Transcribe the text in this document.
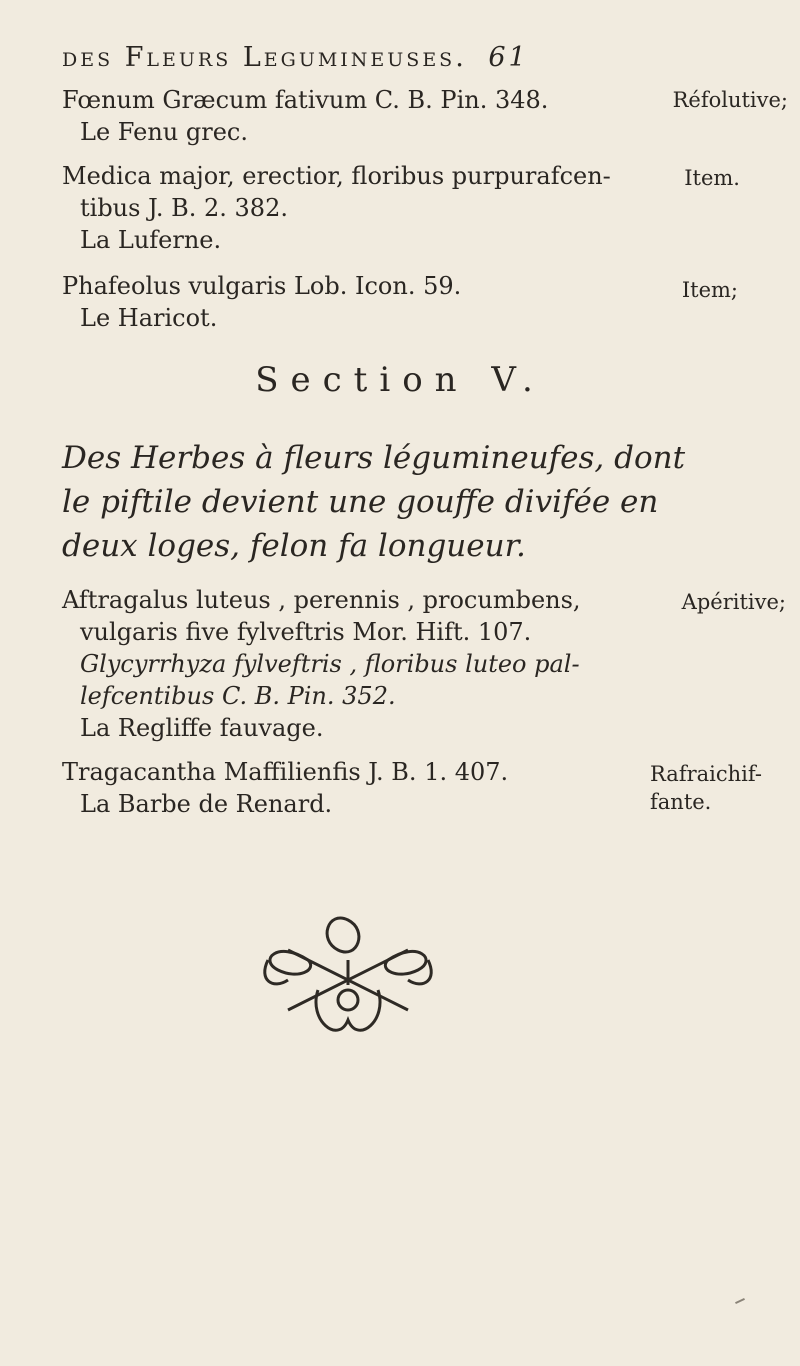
des Fleurs Legumineuses. 61
Fœnum Græcum fativum C. B. Pin. 348.
Le Fenu grec.
Réfolutive;
Medica major, erectior, floribus purpurafcen-
tibus J. B. 2. 382.
La Luferne.
Item.
Phafeolus vulgaris Lob. Icon. 59.
Le Haricot.
Item;
Section V.
Des Herbes à fleurs légumineufes, dont
le piftile devient une gouffe divifée en
deux loges, felon fa longueur.
Aftragalus luteus , perennis , procumbens,
vulgaris five fylveftris Mor. Hift. 107.
Glycyrrhyza fylveftris , floribus luteo pal-
lefcentibus C. B. Pin. 352.
La Regliffe fauvage.
Apéritive;
Tragacantha Maffilienfis J. B. 1. 407.
La Barbe de Renard.
Rafraichif- fante.
